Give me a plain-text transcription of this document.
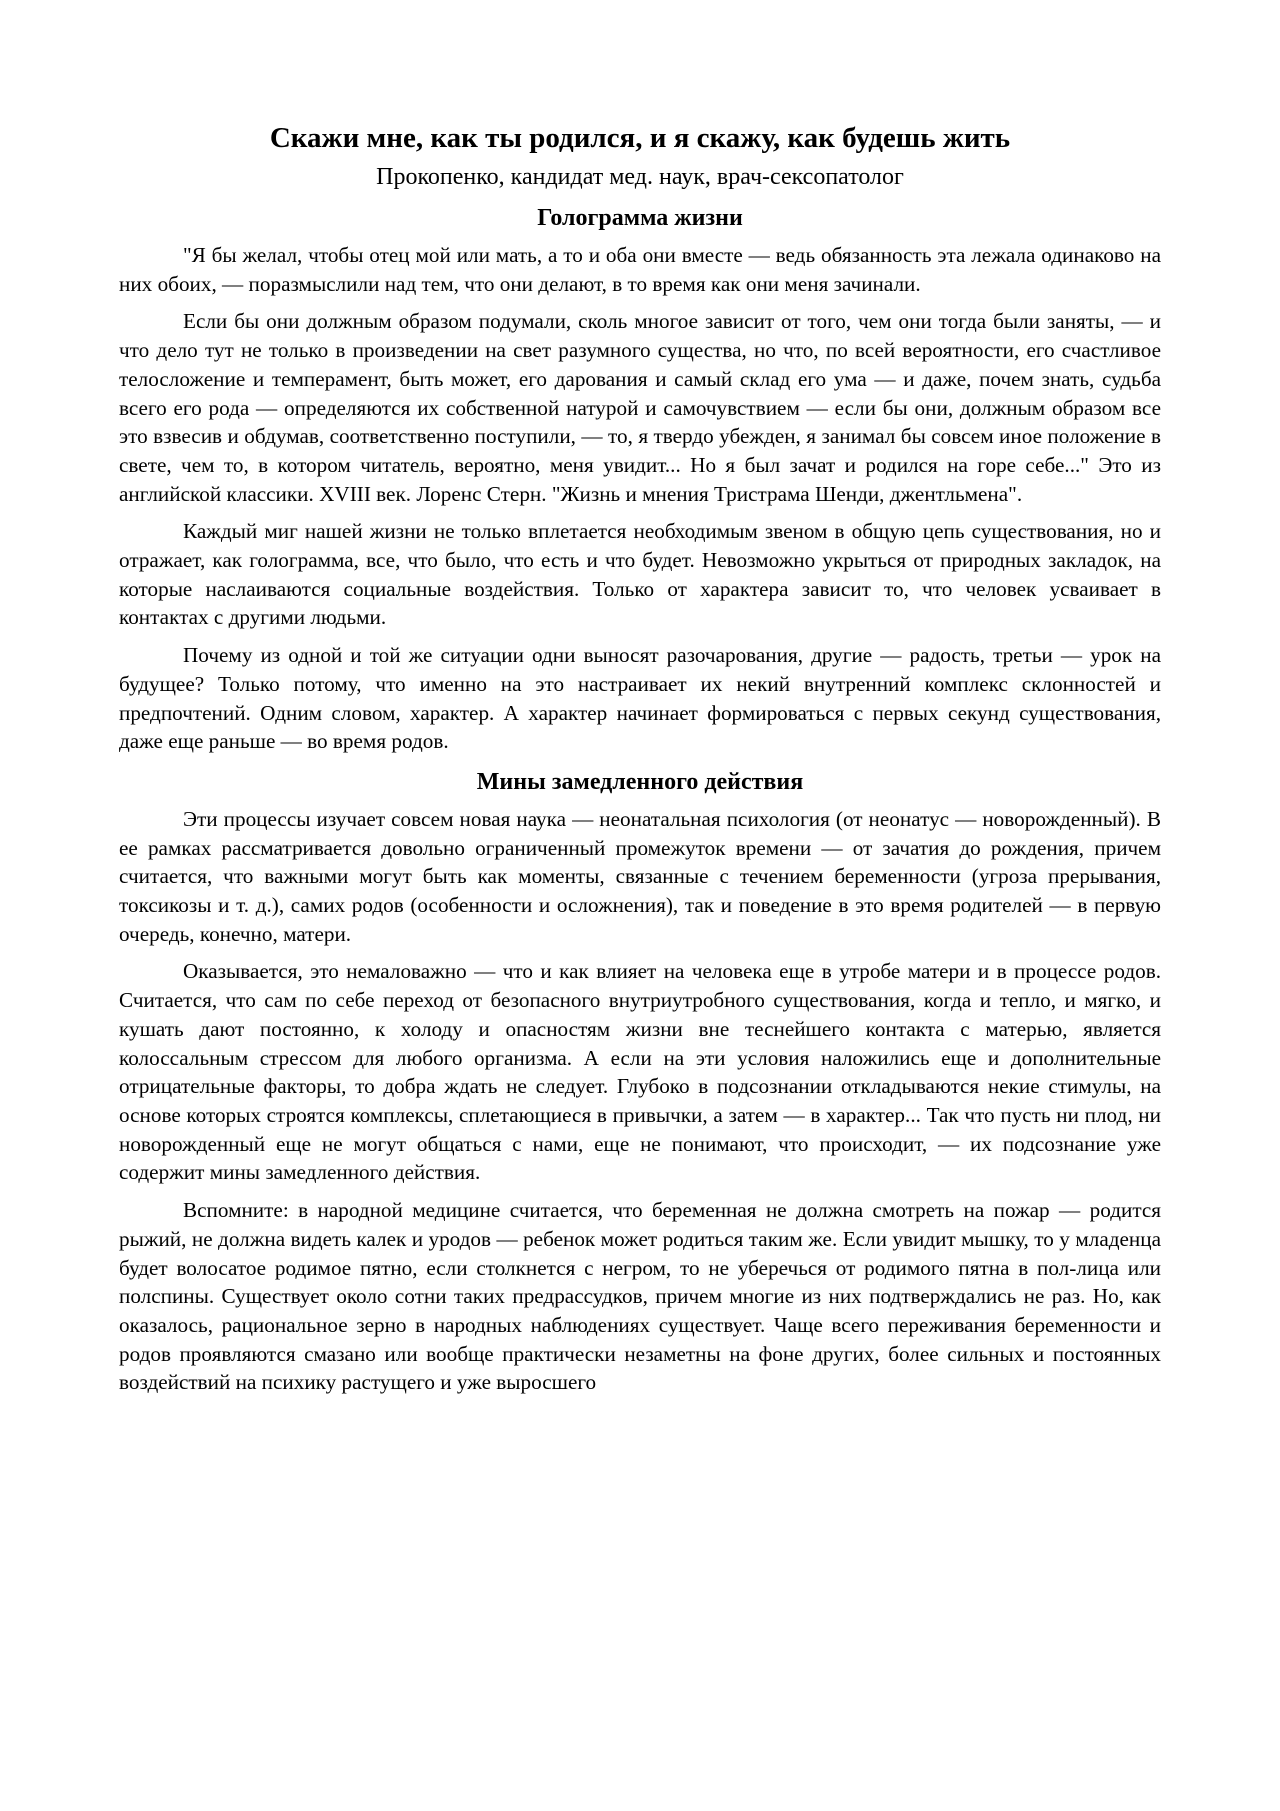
Скажи мне, как ты родился, и я скажу, как будешь жить
Прокопенко, кандидат мед. наук, врач-сексопатолог
Голограмма жизни

"Я бы желал, чтобы отец мой или мать, а то и оба они вместе — ведь обязанность эта лежала одинаково на них обоих, — поразмыслили над тем, что они делают, в то время как они меня зачинали.

Если бы они должным образом подумали, сколь многое зависит от того, чем они тогда были заняты, — и что дело тут не только в произведении на свет разумного существа, но что, по всей вероятности, его счастливое телосложение и темперамент, быть может, его дарования и самый склад его ума — и даже, почем знать, судьба всего его рода — определяются их собственной натурой и самочувствием — если бы они, должным образом все это взвесив и обдумав, соответственно поступили, — то, я твердо убежден, я занимал бы совсем иное положение в свете, чем то, в котором читатель, вероятно, меня увидит... Но я был зачат и родился на горе себе..." Это из английской классики. XVIII век. Лоренс Стерн. "Жизнь и мнения Тристрама Шенди, джентльмена".

Каждый миг нашей жизни не только вплетается необходимым звеном в общую цепь существования, но и отражает, как голограмма, все, что было, что есть и что будет. Невозможно укрыться от природных закладок, на которые наслаиваются социальные воздействия. Только от характера зависит то, что человек усваивает в контактах с другими людьми.

Почему из одной и той же ситуации одни выносят разочарования, другие — радость, третьи — урок на будущее? Только потому, что именно на это настраивает их некий внутренний комплекс склонностей и предпочтений. Одним словом, характер. А характер начинает формироваться с первых секунд существования, даже еще раньше — во время родов.

Мины замедленного действия

Эти процессы изучает совсем новая наука — неонатальная психология (от неонатус — новорожденный). В ее рамках рассматривается довольно ограниченный промежуток времени — от зачатия до рождения, причем считается, что важными могут быть как моменты, связанные с течением беременности (угроза прерывания, токсикозы и т. д.), самих родов (особенности и осложнения), так и поведение в это время родителей — в первую очередь, конечно, матери.

Оказывается, это немаловажно — что и как влияет на человека еще в утробе матери и в процессе родов. Считается, что сам по себе переход от безопасного внутриутробного существования, когда и тепло, и мягко, и кушать дают постоянно, к холоду и опасностям жизни вне теснейшего контакта с матерью, является колоссальным стрессом для любого организма. А если на эти условия наложились еще и дополнительные отрицательные факторы, то добра ждать не следует. Глубоко в подсознании откладываются некие стимулы, на основе которых строятся комплексы, сплетающиеся в привычки, а затем — в характер... Так что пусть ни плод, ни новорожденный еще не могут общаться с нами, еще не понимают, что происходит, — их подсознание уже содержит мины замедленного действия.

Вспомните: в народной медицине считается, что беременная не должна смотреть на пожар — родится рыжий, не должна видеть калек и уродов — ребенок может родиться таким же. Если увидит мышку, то у младенца будет волосатое родимое пятно, если столкнется с негром, то не уберечься от родимого пятна в пол-лица или полспины. Существует около сотни таких предрассудков, причем многие из них подтверждались не раз. Но, как оказалось, рациональное зерно в народных наблюдениях существует. Чаще всего переживания беременности и родов проявляются смазано или вообще практически незаметны на фоне других, более сильных и постоянных воздействий на психику растущего и уже выросшего
